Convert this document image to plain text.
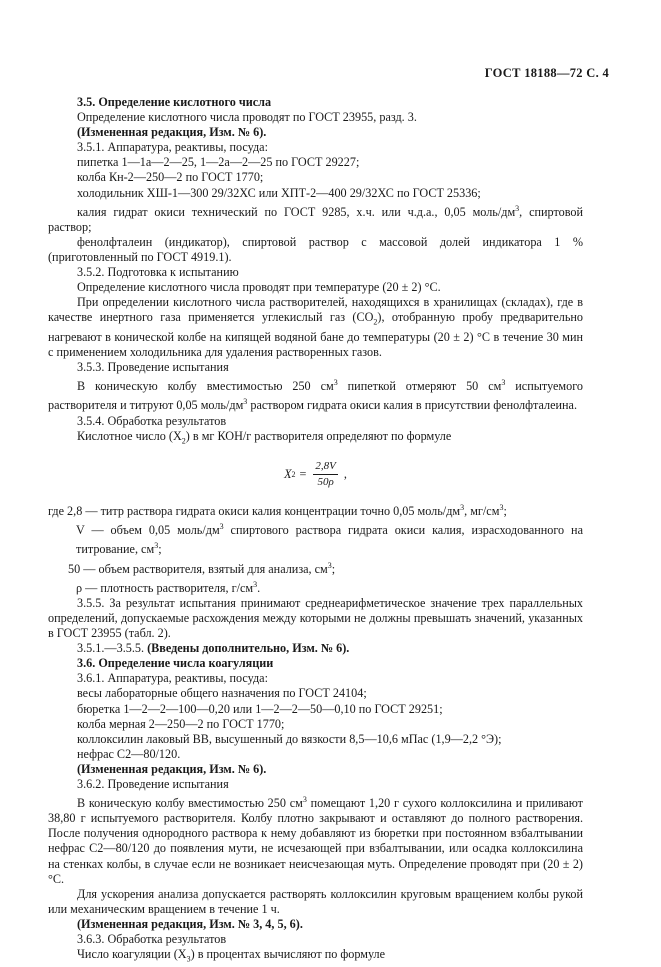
ГОСТ 18188—72 С. 4

3.5. Определение кислотного числа

Определение кислотного числа проводят по ГОСТ 23955, разд. 3.

(Измененная редакция, Изм. № 6).

3.5.1. Аппаратура, реактивы, посуда:

пипетка 1—1а—2—25, 1—2а—2—25 по ГОСТ 29227;

колба Кн-2—250—2 по ГОСТ 1770;

холодильник ХШ-1—300 29/32ХС или ХПТ-2—400 29/32ХС по ГОСТ 25336;

калия гидрат окиси технический по ГОСТ 9285, х.ч. или ч.д.а., 0,05 моль/$дм^3$, спиртовой раствор;

фенолфталеин (индикатор), спиртовой раствор с массовой долей индикатора 1 % (приготовленный по ГОСТ 4919.1).

3.5.2. Подготовка к испытанию

Определение кислотного числа проводят при температуре (20 ± 2) °С.

При определении кислотного числа растворителей, находящихся в хранилищах (складах), где в качестве инертного газа применяется углекислый газ $(СО_2)$, отобранную пробу предварительно нагревают в конической колбе на кипящей водяной бане до температуры (20 ± 2) °С в течение 30 мин с применением холодильника для удаления растворенных газов.

3.5.3. Проведение испытания

В коническую колбу вместимостью 250 $см^3$ пипеткой отмеряют 50 $см^3$ испытуемого растворителя и титруют 0,05 моль/$дм^3$ раствором гидрата окиси калия в присутствии фенолфталеина.

3.5.4. Обработка результатов

Кислотное число $(X_2)$ в мг КОН/г растворителя определяют по формуле

X $2 = \frac{2,8V}{50\rho}$ ,

где 2,8 — титр раствора гидрата окиси калия концентрации точно 0,05 моль/$дм^3$, $мг/см^3$;

V — объем 0,05 моль/$дм^3$ спиртового раствора гидрата окиси калия, израсходованного на титрование, $см^3$;

50 — объем растворителя, взятый для анализа, $см^3$;

ρ — плотность растворителя, $г/см^3$.

3.5.5. За результат испытания принимают среднеарифметическое значение трех параллельных определений, допускаемые расхождения между которыми не должны превышать значений, указанных в ГОСТ 23955 (табл. 2).

3.5.1.—3.5.5. (Введены дополнительно, Изм. № 6).

3.6. Определение числа коагуляции

3.6.1. Аппаратура, реактивы, посуда:

весы лабораторные общего назначения по ГОСТ 24104;

бюретка 1—2—2—100—0,20 или 1—2—2—50—0,10 по ГОСТ 29251;

колба мерная 2—250—2 по ГОСТ 1770;

коллоксилин лаковый ВВ, высушенный до вязкости 8,5—10,6 мПас (1,9—2,2 °Э);

нефрас С2—80/120.

(Измененная редакция, Изм. № 6).

3.6.2. Проведение испытания

В коническую колбу вместимостью 250 $см^3$ помещают 1,20 г сухого коллоксилина и приливают 38,80 г испытуемого растворителя. Колбу плотно закрывают и оставляют до полного растворения. После получения однородного раствора к нему добавляют из бюретки при постоянном взбалтывании нефрас С2—80/120 до появления мути, не исчезающей при взбалтывании, или осадка коллоксилина на стенках колбы, в случае если не возникает неисчезающая муть. Определение проводят при (20 ± 2) °С.

Для ускорения анализа допускается растворять коллоксилин круговым вращением колбы рукой или механическим вращением в течение 1 ч.

(Измененная редакция, Изм. № 3, 4, 5, 6).

3.6.3. Обработка результатов

Число коагуляции $(X_3)$ в процентах вычисляют по формуле
